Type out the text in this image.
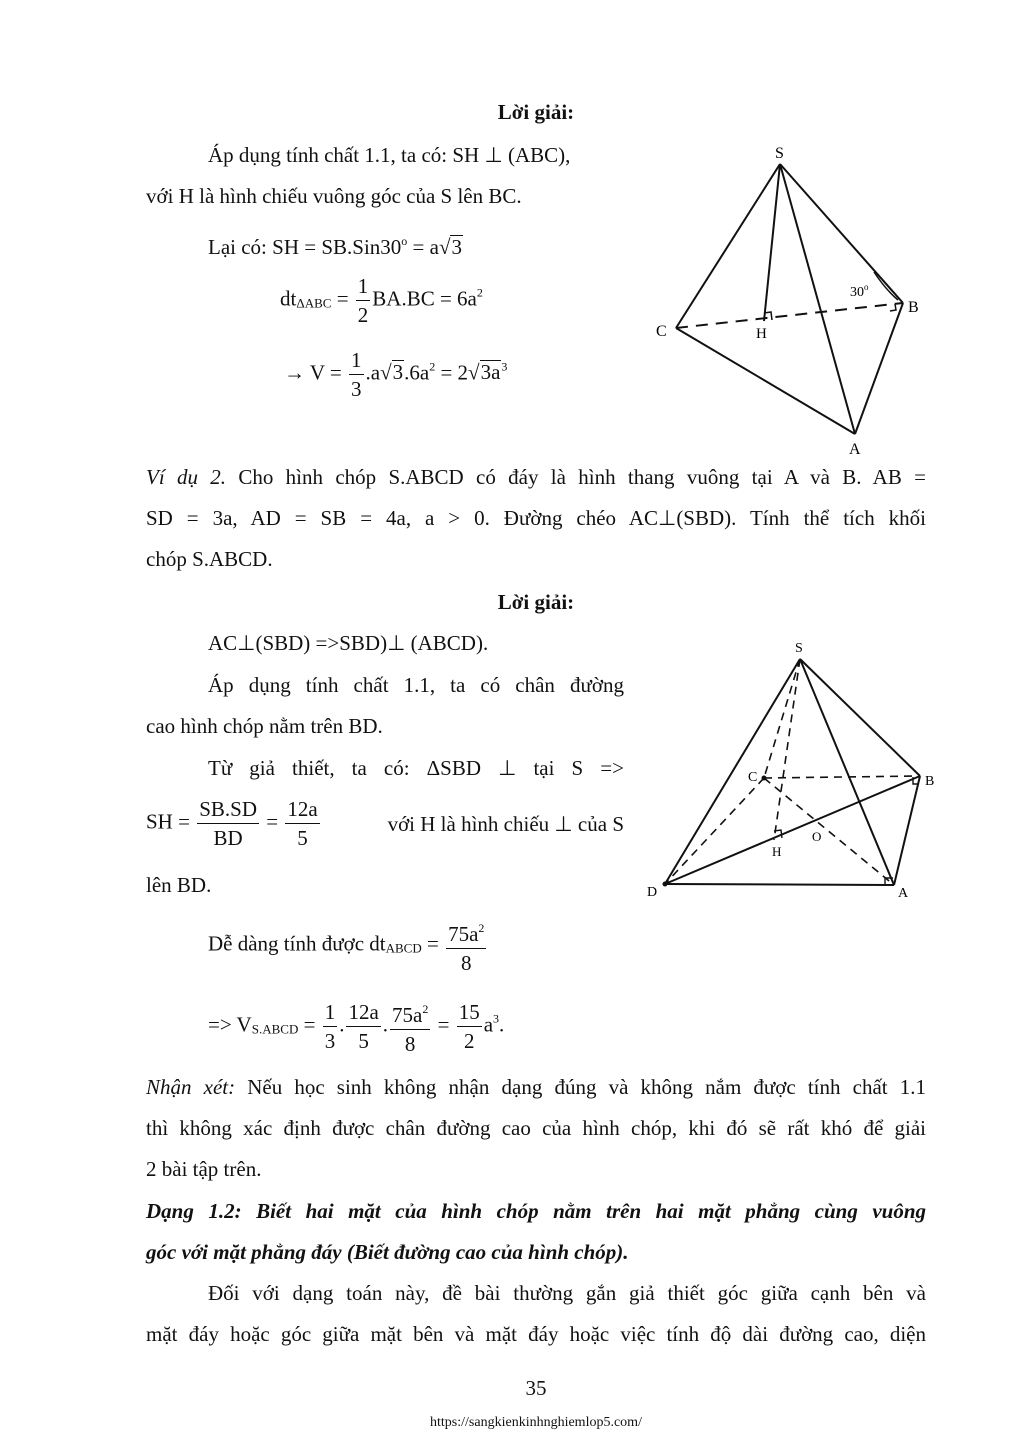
Lời giải:
Áp dụng tính chất 1.1, ta có: SH ⊥ (ABC),
với H là hình chiếu vuông góc của S lên BC.
Lại có: SH = $SB.Sin30^o = a√3$
$dt_{\Delta ABC} = \frac{1}{2} BA.BC = 6a^2$
→ $V = \frac{1}{3} .a√3.6a^2 = 2√3a^3$
S
B
C	H
A
30$^o$
Ví dụ 2. Cho hình chóp S.ABCD có đáy là hình thang vuông tại A và B. AB =
SD = 3a, AD = SB = 4a, a > 0. Đường chéo AC⊥(SBD). Tính thể tích khối
chóp S.ABCD.
Lời giải:
AC⊥(SBD) =>SBD)⊥ (ABCD).
Áp dụng tính chất 1.1, ta có chân đường
cao hình chóp nằm trên BD.
Từ giả thiết, ta có: ΔSBD ⊥ tại S =>
SH = $\frac{SB.SD}{BD} = \frac{12a}{5}$	với H là hình chiếu ⊥ của S
lên BD.
Dễ dàng tính được $dt_{ABCD} = \frac{75a^2}{8}$
=> $V_{S.ABCD} = \frac{1}{3}$ . $\frac{12a}{5}$ . $\frac{75a^2}{8} = \frac{15}{2} a^3$.
S
B
C
D	A
H
O
Nhận xét: Nếu học sinh không nhận dạng đúng và không nắm được tính chất 1.1
thì không xác định được chân đường cao của hình chóp, khi đó sẽ rất khó để giải
2 bài tập trên.
Dạng 1.2: Biết hai mặt của hình chóp nằm trên hai mặt phẳng cùng vuông
góc với mặt phẳng đáy (Biết đường cao của hình chóp).
Đối với dạng toán này, đề bài thường gắn giả thiết góc giữa cạnh bên và
mặt đáy hoặc góc giữa mặt bên và mặt đáy hoặc việc tính độ dài đường cao, diện
35
https://sangkienkinhnghiemlop5.com/
